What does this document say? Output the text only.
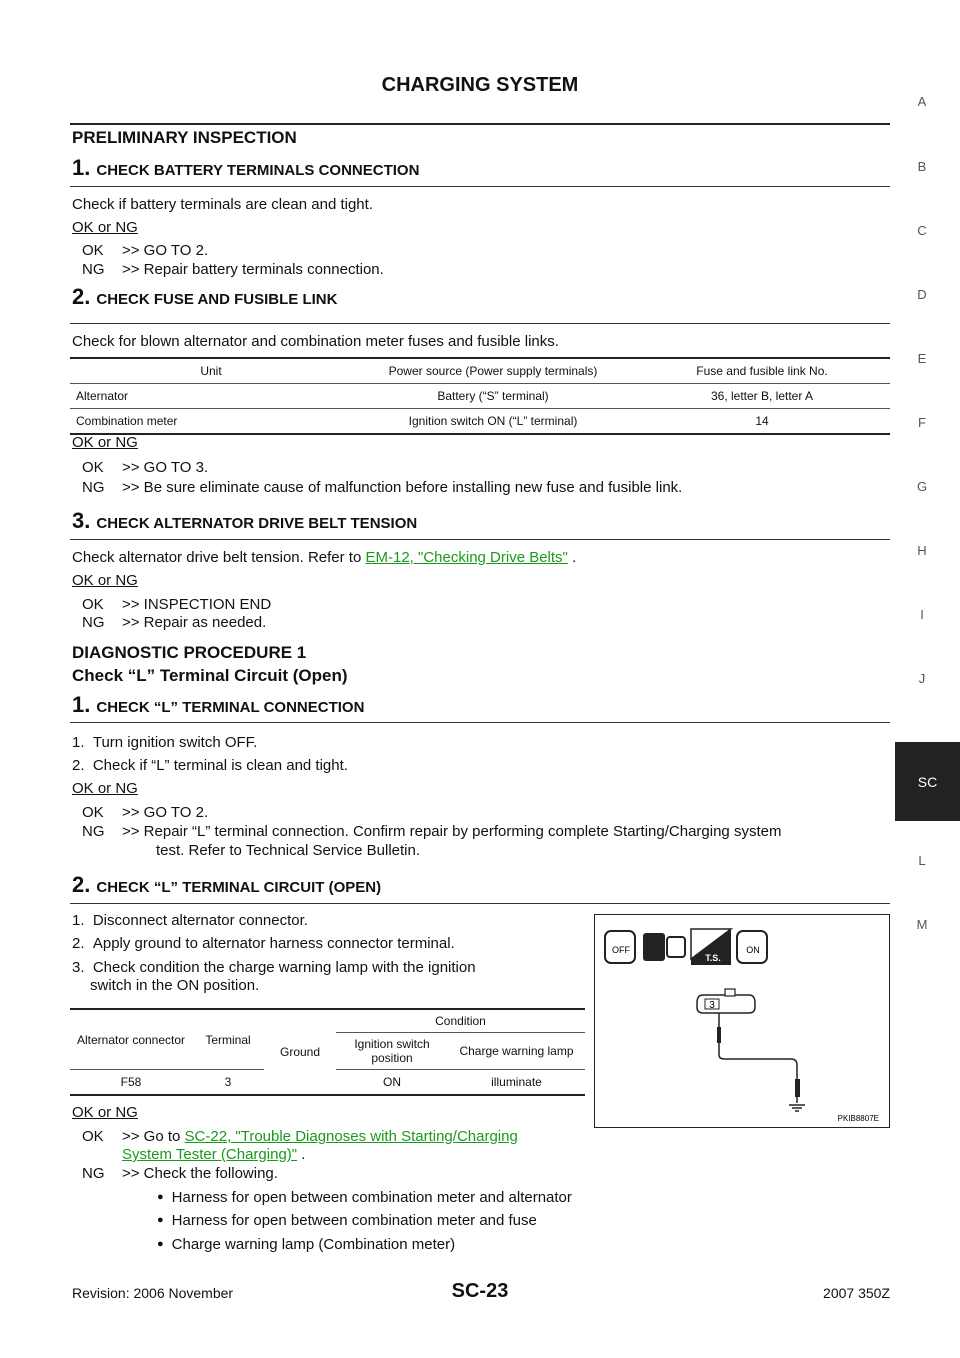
CHARGING SYSTEM
A
B
C
D
E
F
G
H
I
J
SC
L
M
PRELIMINARY INSPECTION
1. CHECK BATTERY TERMINALS CONNECTION
Check if battery terminals are clean and tight.
OK or NG
OK >> GO TO 2.
NG >> Repair battery terminals connection.
2. CHECK FUSE AND FUSIBLE LINK
Check for blown alternator and combination meter fuses and fusible links.
Unit	Power source (Power supply terminals)	Fuse and fusible link No.
Alternator	Battery (“S” terminal)	36, letter B, letter A
Combination meter	Ignition switch ON (“L” terminal)	14
OK or NG
OK >> GO TO 3.
NG >> Be sure eliminate cause of malfunction before installing new fuse and fusible link.
3. CHECK ALTERNATOR DRIVE BELT TENSION
Check alternator drive belt tension. Refer to EM-12, "Checking Drive Belts" .
OK or NG
OK >> INSPECTION END
NG >> Repair as needed.
DIAGNOSTIC PROCEDURE 1
Check “L” Terminal Circuit (Open)
1. CHECK “L” TERMINAL CONNECTION
1.  Turn ignition switch OFF.
2.  Check if “L” terminal is clean and tight.
OK or NG
OK >> GO TO 2.
NG >> Repair “L” terminal connection. Confirm repair by performing complete Starting/Charging system
test. Refer to Technical Service Bulletin.
2. CHECK “L” TERMINAL CIRCUIT (OPEN)
1.  Disconnect alternator connector.
2.  Apply ground to alternator harness connector terminal.
3.  Check condition the charge warning lamp with the ignition
switch in the ON position.
Alternator connector	Terminal	Ground	Condition	
			Ignition switch position	Charge warning lamp
F58	3		ON	illuminate
OFF
T.S.
ON
3
PKIB8807E
OK or NG
OK >> Go to SC-22, "Trouble Diagnoses with Starting/Charging
System Tester (Charging)" .
NG >> Check the following.
● Harness for open between combination meter and alternator
● Harness for open between combination meter and fuse
● Charge warning lamp (Combination meter)
Revision: 2006 November	SC-23	2007 350Z
